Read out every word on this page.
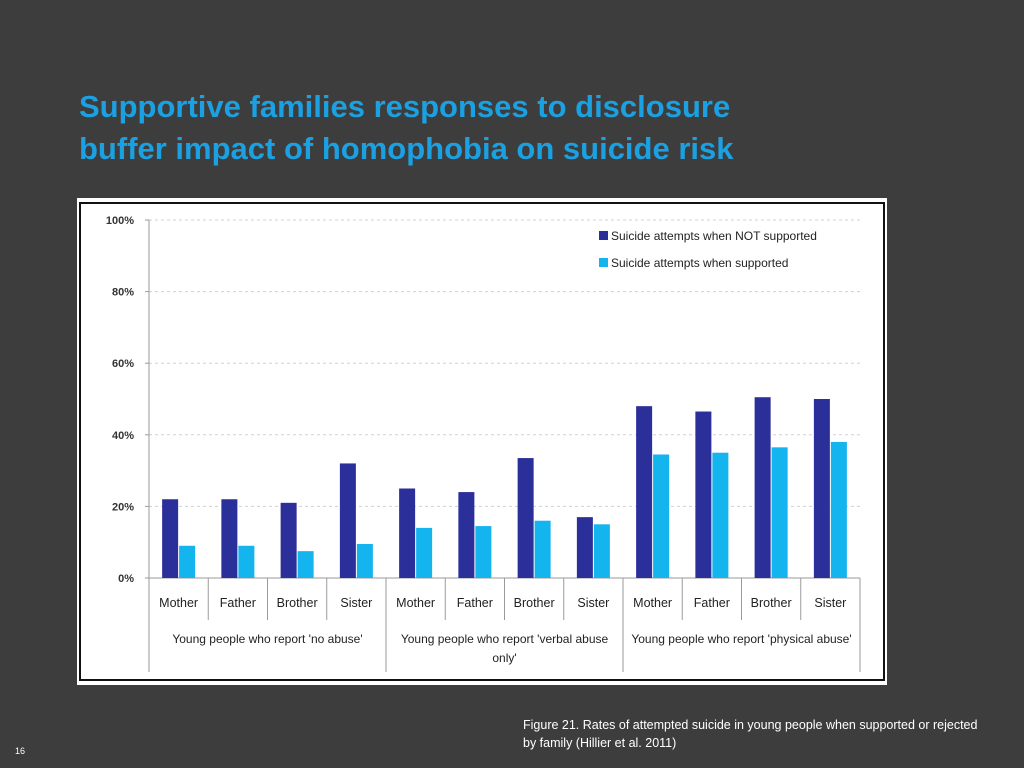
Supportive families responses to disclosure
buffer impact of homophobia on suicide risk
0%
20%
40%
60%
80%
100%
Mother Father Brother Sister Mother Father Brother Sister Mother Father Brother Sister
Young people who report 'no abuse'	Young people who report 'verbal abuse
only'
Young people who report 'physical abuse'
Suicide attempts when NOT supported
Suicide attempts when supported
Figure 21. Rates of attempted suicide in young people when supported or rejected by family (Hillier et al. 2011)
16
